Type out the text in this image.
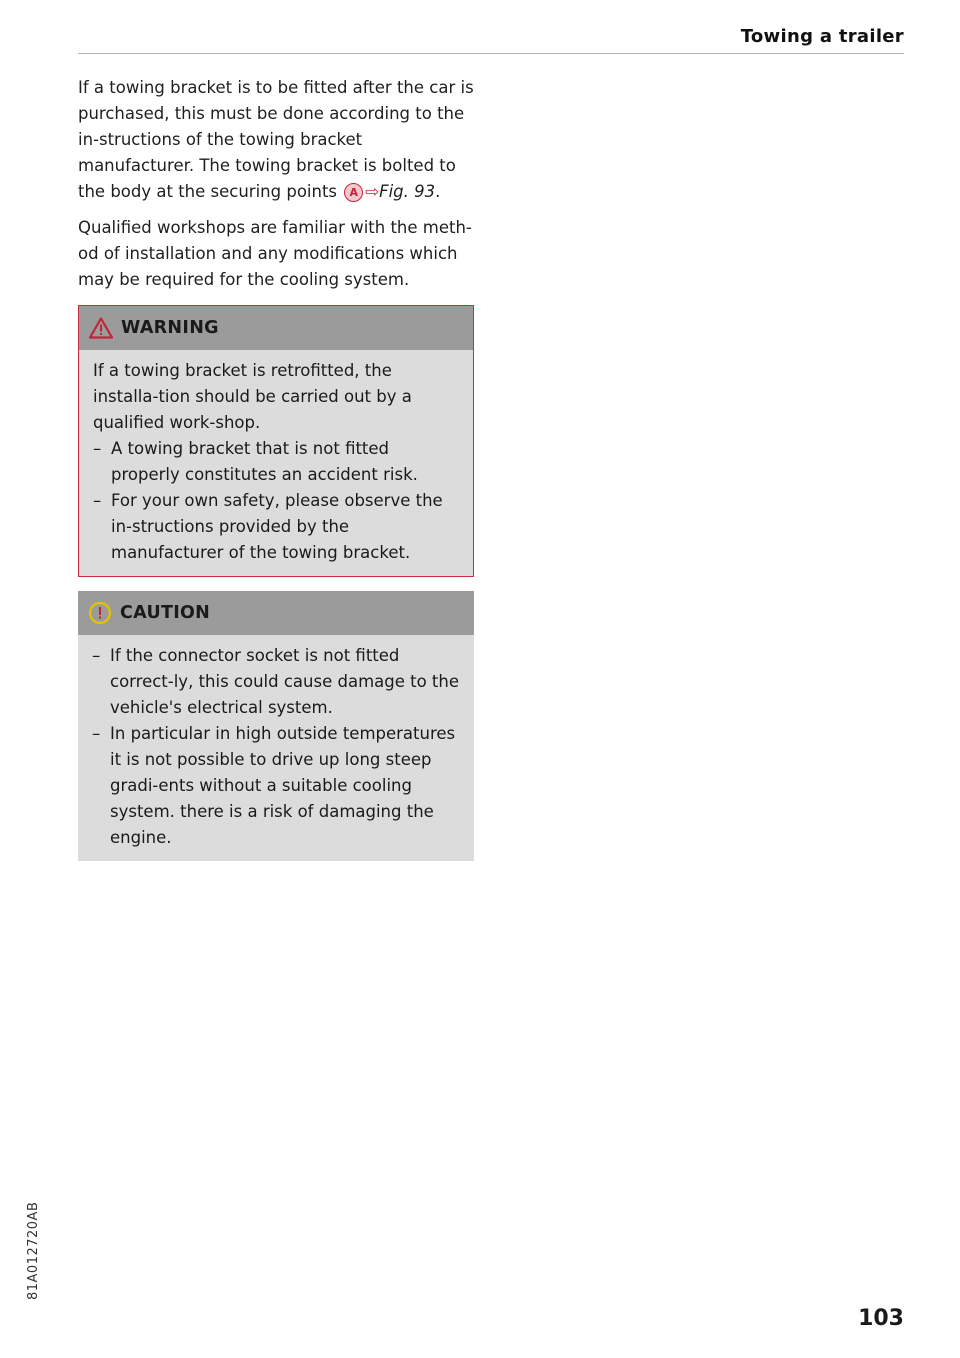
Towing a trailer

If a towing bracket is to be fitted after the car is purchased, this must be done according to the in-structions of the towing bracket manufacturer. The towing bracket is bolted to the body at the securing points A ⇨Fig. 93.

Qualified workshops are familiar with the meth-od of installation and any modifications which may be required for the cooling system.

WARNING

If a towing bracket is retrofitted, the installa-tion should be carried out by a qualified work-shop.

– A towing bracket that is not fitted properly constitutes an accident risk.
– For your own safety, please observe the in-structions provided by the manufacturer of the towing bracket.
CAUTION
– If the connector socket is not fitted correct-ly, this could cause damage to the vehicle's electrical system.
– In particular in high outside temperatures it is not possible to drive up long steep gradi-ents without a suitable cooling system. there is a risk of damaging the engine.
81A012720AB
103
